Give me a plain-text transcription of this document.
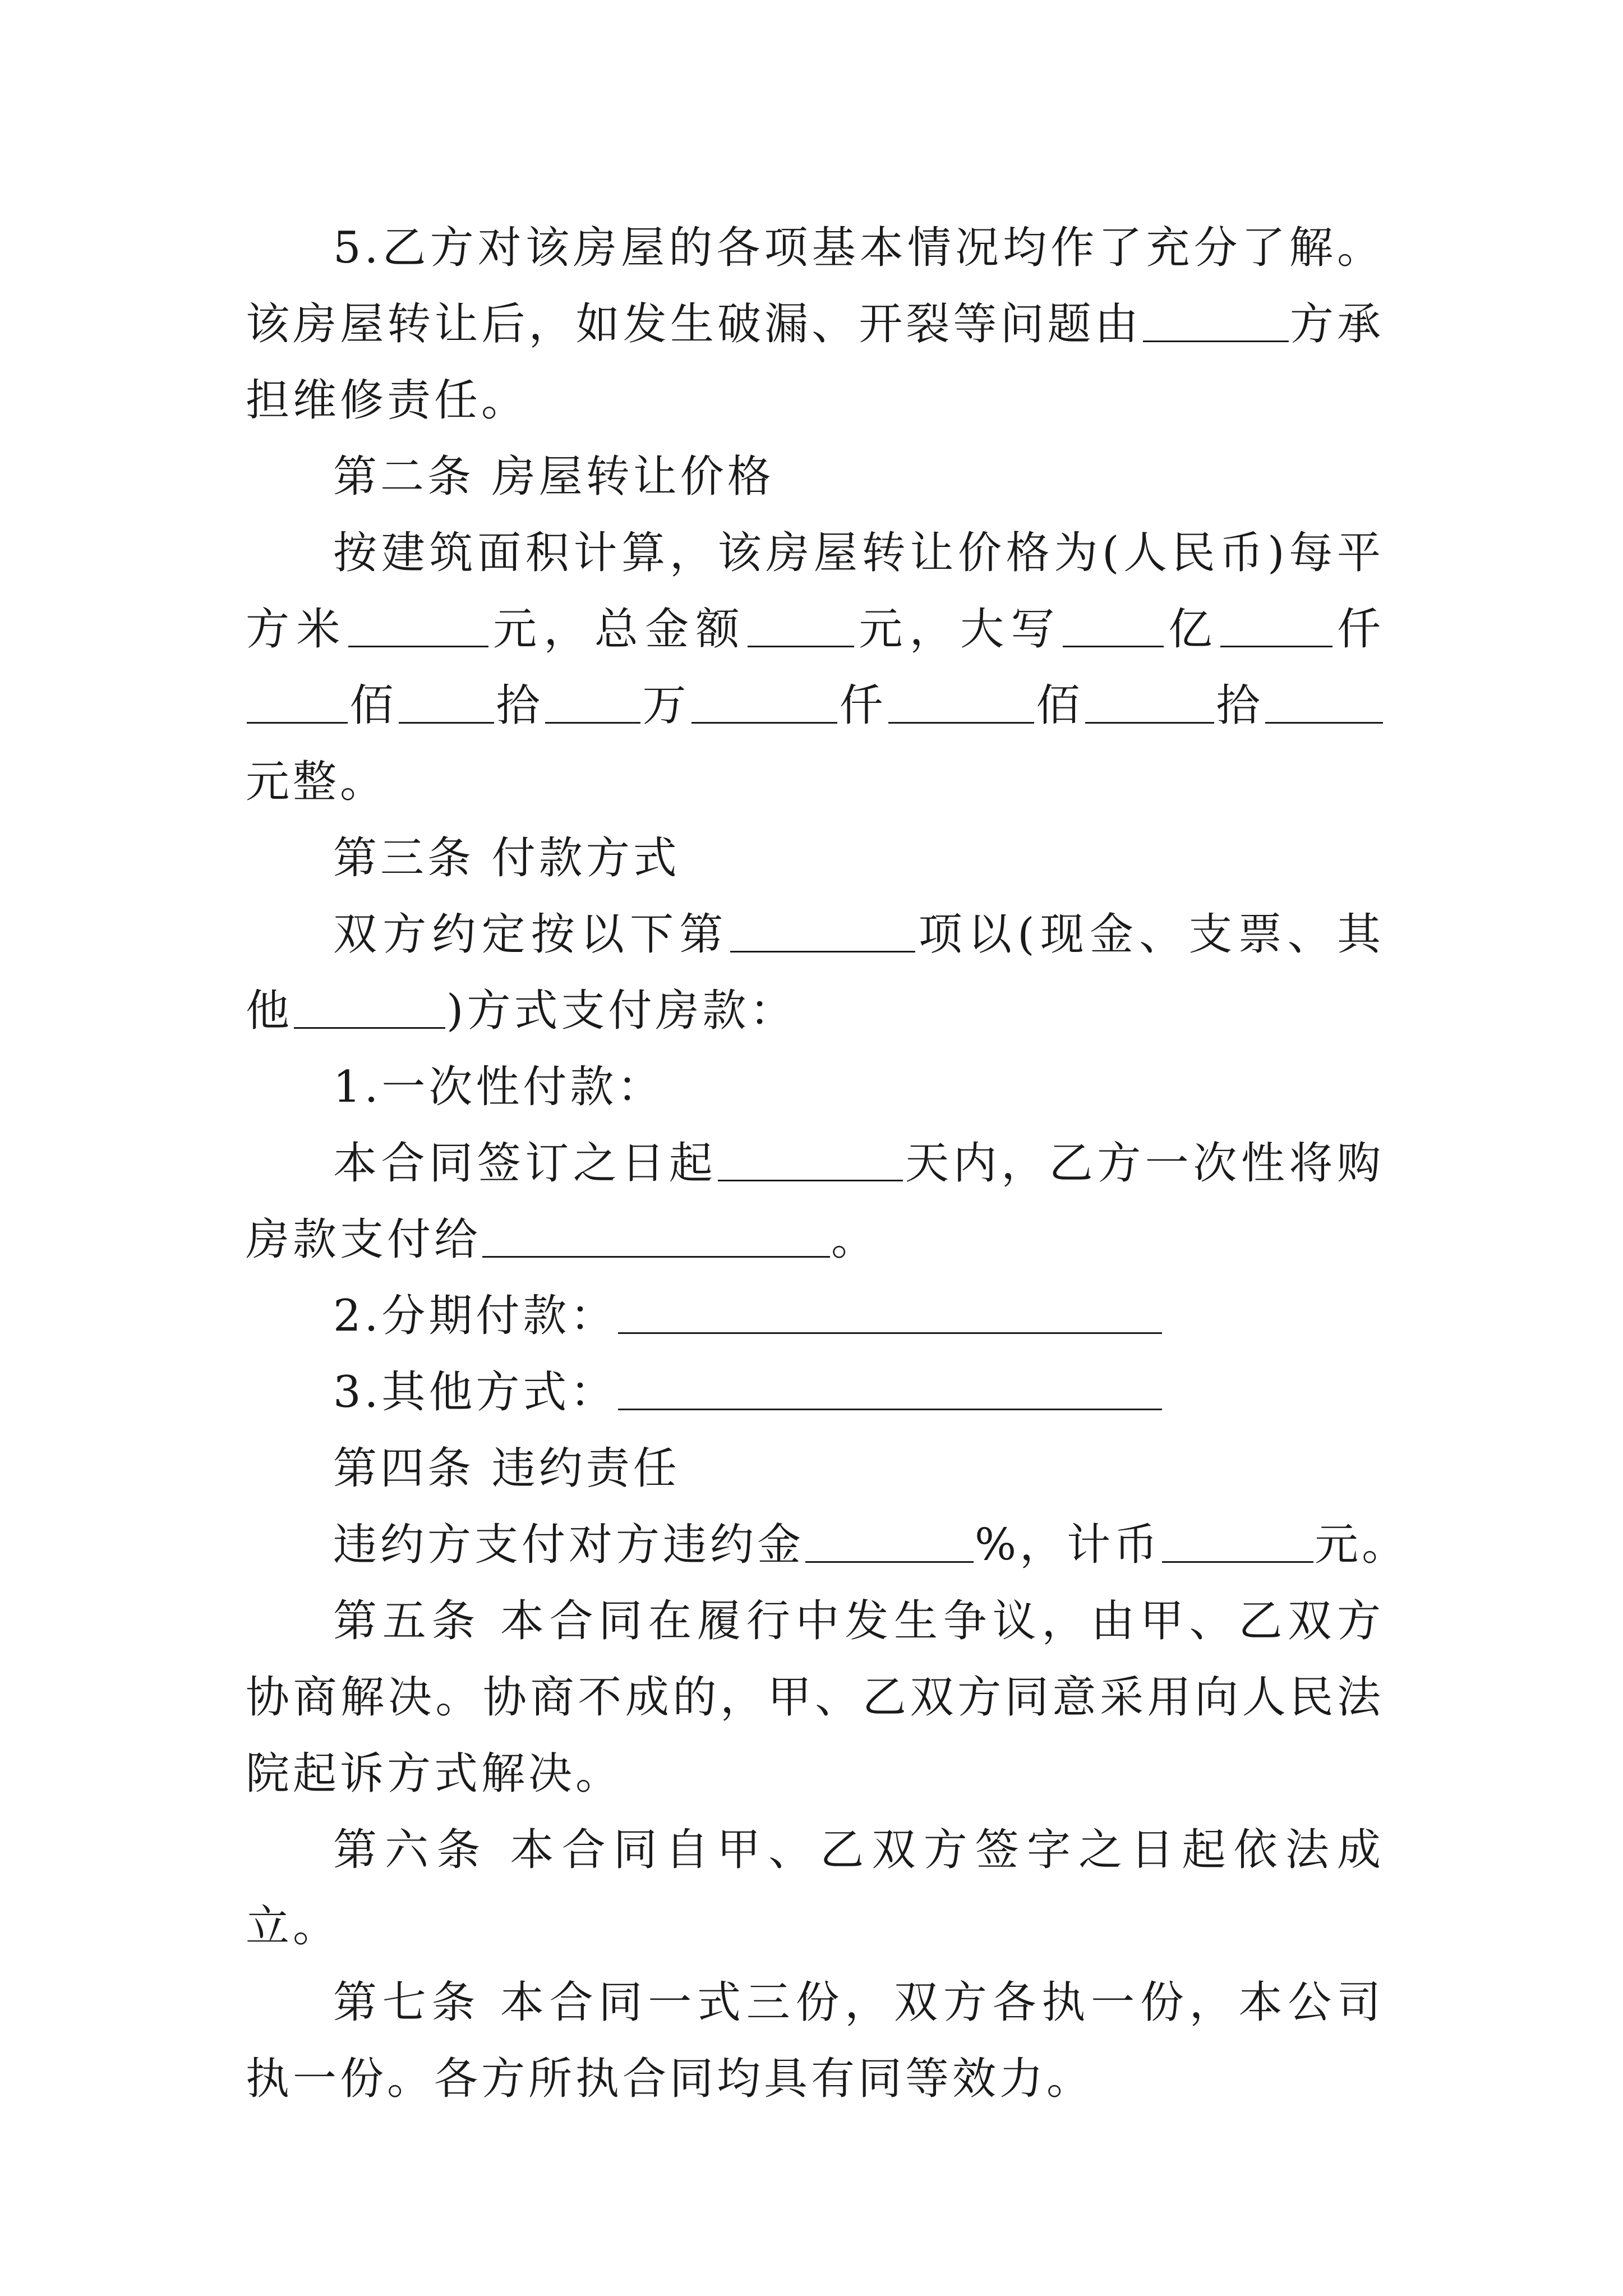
5.乙方对该房屋的各项基本情况均作了充分了解。该房屋转让后，如发生破漏、开裂等问题由	方承担维修责任。

第二条 房屋转让价格

按建筑面积计算，该房屋转让价格为(人民币)每平方米	元，总金额 元，大写 亿	仟佰 拾 万	仟	佰	拾元整。

第三条 付款方式

双方约定按以下第	项以(现金、支票、其他	)方式支付房款：

1.一次性付款：

本合同签订之日起	天内，乙方一次性将购房款支付给	。

2.分期付款：

3.其他方式：

第四条 违约责任

违约方支付对方违约金	%，计币	元。

第五条 本合同在履行中发生争议，由甲、乙双方协商解决。协商不成的，甲、乙双方同意采用向人民法院起诉方式解决。

第六条 本合同自甲、乙双方签字之日起依法成立。

第七条 本合同一式三份，双方各执一份，本公司执一份。各方所执合同均具有同等效力。
